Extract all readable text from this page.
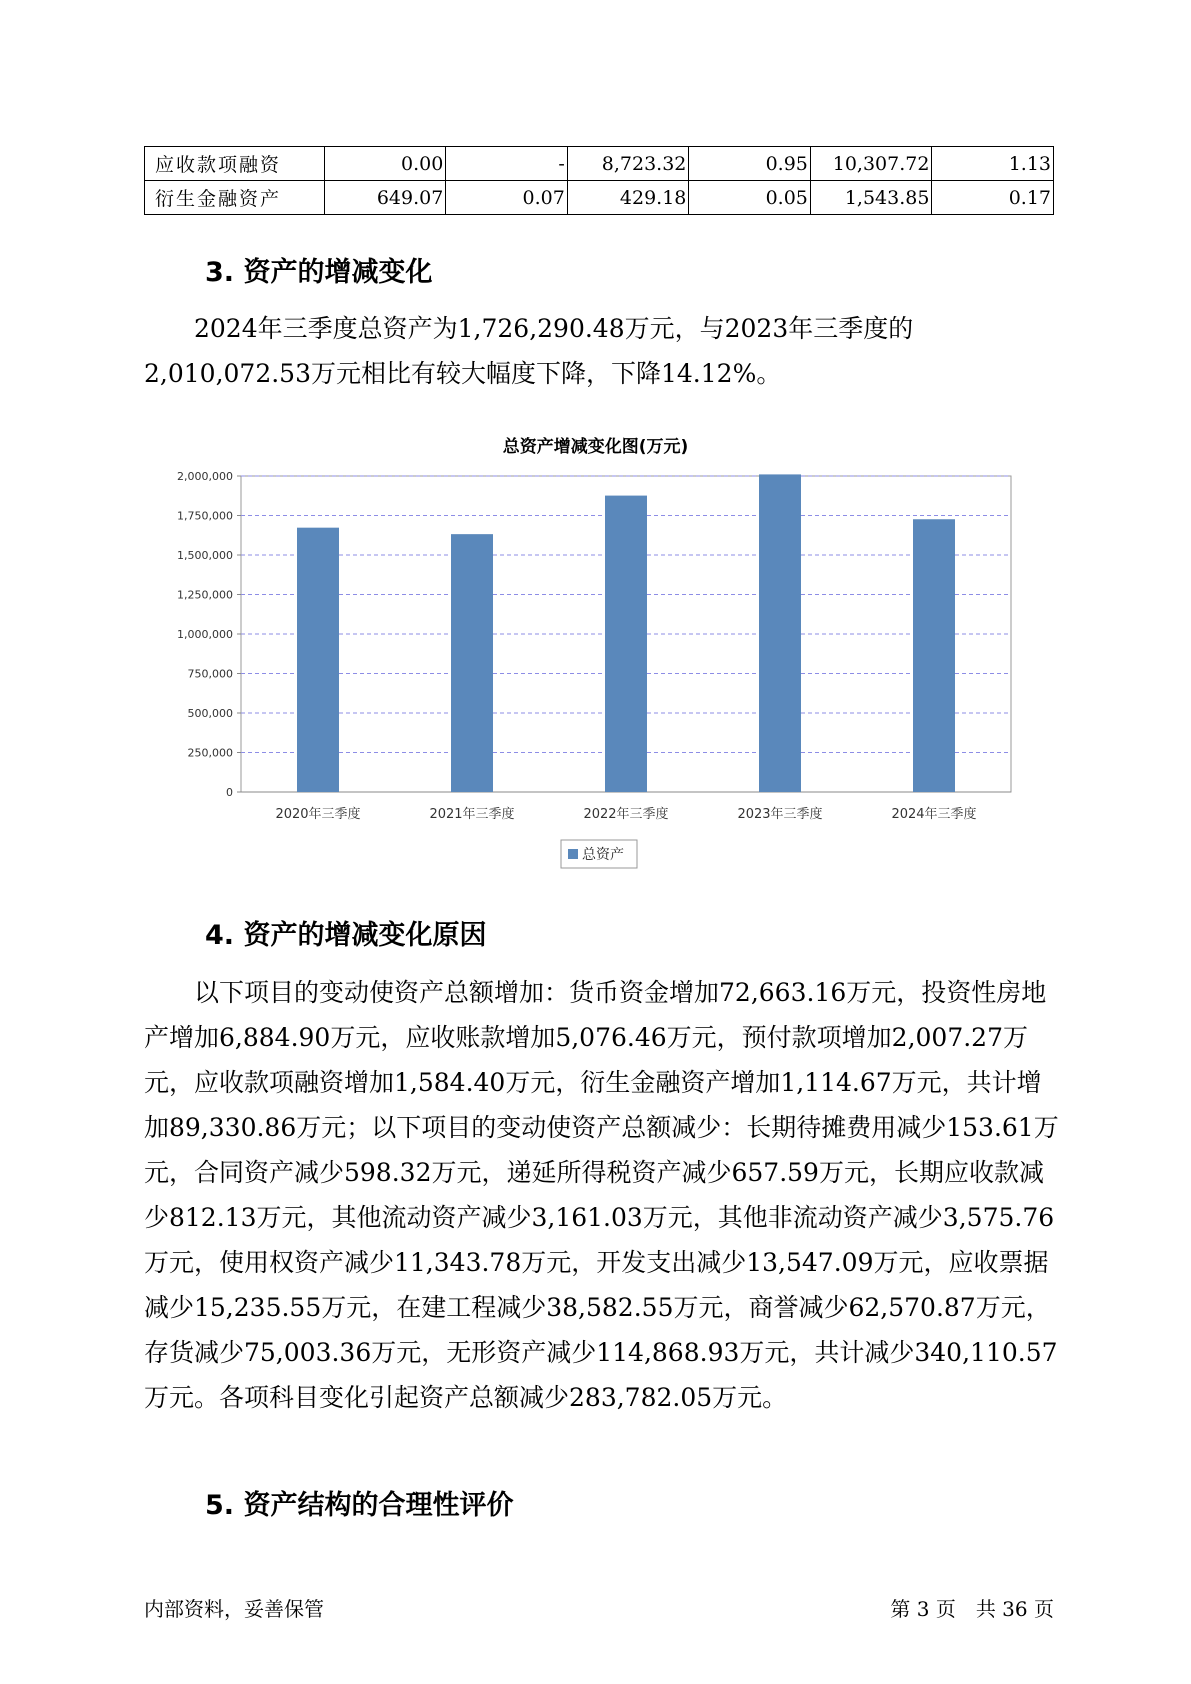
应收款项融资	0.00	-	8,723.32	0.95	10,307.72	1.13
衍生金融资产	649.07	0.07	429.18	0.05	1,543.85	0.17
3. 资产的增减变化

2024年三季度总资产为1,726,290.48万元，与2023年三季度的2,010,072.53万元相比有较大幅度下降，下降14.12%。

总资产增减变化图(万元)
0
250,000
500,000
750,000
1,000,000
1,250,000
1,500,000
1,750,000
2,000,000
2020年三季度	2021年三季度	2022年三季度	2023年三季度	2024年三季度
总资产
4. 资产的增减变化原因

以下项目的变动使资产总额增加：货币资金增加72,663.16万元，投资性房地产增加6,884.90万元，应收账款增加5,076.46万元，预付款项增加2,007.27万元，应收款项融资增加1,584.40万元，衍生金融资产增加1,114.67万元，共计增加89,330.86万元；以下项目的变动使资产总额减少：长期待摊费用减少153.61万元，合同资产减少598.32万元，递延所得税资产减少657.59万元，长期应收款减少812.13万元，其他流动资产减少3,161.03万元，其他非流动资产减少3,575.76万元，使用权资产减少11,343.78万元，开发支出减少13,547.09万元，应收票据减少15,235.55万元，在建工程减少38,582.55万元，商誉减少62,570.87万元，存货减少75,003.36万元，无形资产减少114,868.93万元，共计减少340,110.57万元。各项科目变化引起资产总额减少283,782.05万元。

5. 资产结构的合理性评价
内部资料，妥善保管	第 3 页　共 36 页
